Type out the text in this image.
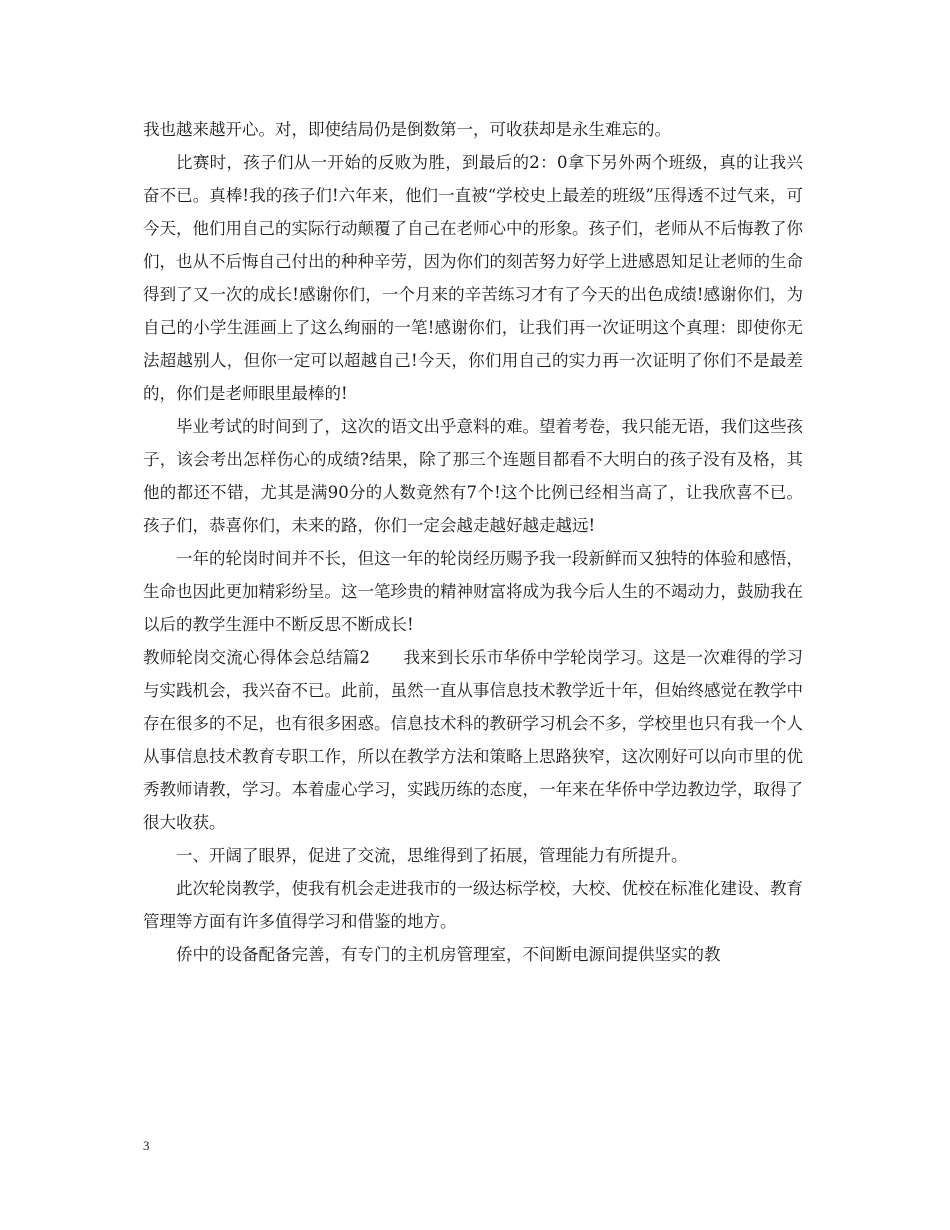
我也越来越开心。对，即使结局仍是倒数第一，可收获却是永生难忘的。

比赛时，孩子们从一开始的反败为胜，到最后的2：0拿下另外两个班级，真的让我兴奋不已。真棒!我的孩子们!六年来，他们一直被“学校史上最差的班级”压得透不过气来，可今天，他们用自己的实际行动颠覆了自己在老师心中的形象。孩子们，老师从不后悔教了你们，也从不后悔自己付出的种种辛劳，因为你们的刻苦努力好学上进感恩知足让老师的生命得到了又一次的成长!感谢你们，一个月来的辛苦练习才有了今天的出色成绩!感谢你们，为自己的小学生涯画上了这么绚丽的一笔!感谢你们，让我们再一次证明这个真理：即使你无法超越别人，但你一定可以超越自己!今天，你们用自己的实力再一次证明了你们不是最差的，你们是老师眼里最棒的!

毕业考试的时间到了，这次的语文出乎意料的难。望着考卷，我只能无语，我们这些孩子，该会考出怎样伤心的成绩?结果，除了那三个连题目都看不大明白的孩子没有及格，其他的都还不错，尤其是满90分的人数竟然有7个!这个比例已经相当高了，让我欣喜不已。孩子们，恭喜你们，未来的路，你们一定会越走越好越走越远!

一年的轮岗时间并不长，但这一年的轮岗经历赐予我一段新鲜而又独特的体验和感悟，生命也因此更加精彩纷呈。这一笔珍贵的精神财富将成为我今后人生的不竭动力，鼓励我在以后的教学生涯中不断反思不断成长!

教师轮岗交流心得体会总结篇2　　我来到长乐市华侨中学轮岗学习。这是一次难得的学习与实践机会，我兴奋不已。此前，虽然一直从事信息技术教学近十年，但始终感觉在教学中存在很多的不足，也有很多困惑。信息技术科的教研学习机会不多，学校里也只有我一个人从事信息技术教育专职工作，所以在教学方法和策略上思路狭窄，这次刚好可以向市里的优秀教师请教，学习。本着虚心学习，实践历练的态度，一年来在华侨中学边教边学，取得了很大收获。

一、开阔了眼界，促进了交流，思维得到了拓展，管理能力有所提升。

此次轮岗教学，使我有机会走进我市的一级达标学校，大校、优校在标准化建设、教育管理等方面有许多值得学习和借鉴的地方。

侨中的设备配备完善，有专门的主机房管理室，不间断电源间提供坚实的教

3
